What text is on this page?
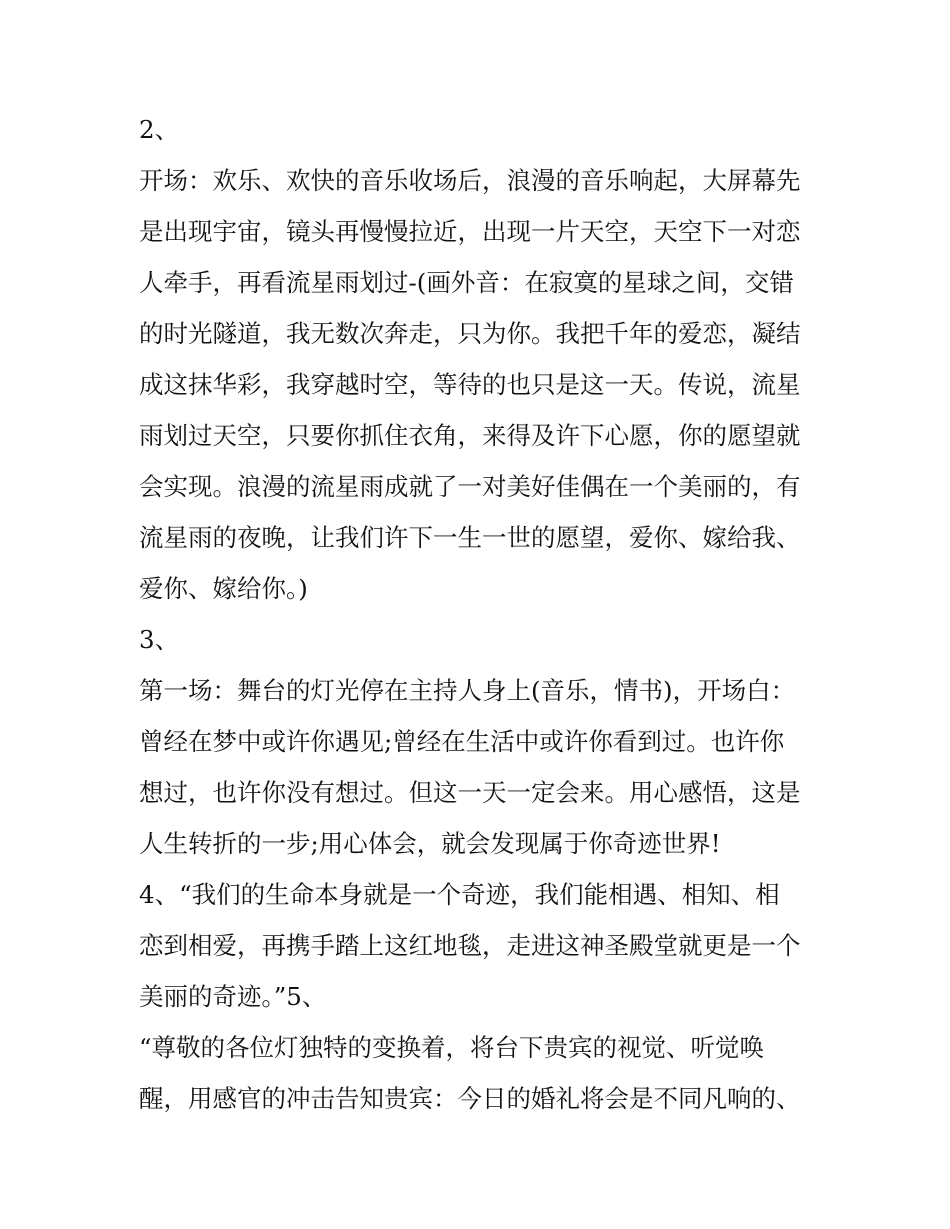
2、
开场：欢乐、欢快的音乐收场后，浪漫的音乐响起，大屏幕先
是出现宇宙，镜头再慢慢拉近，出现一片天空，天空下一对恋
人牵手，再看流星雨划过-(画外音：在寂寞的星球之间，交错
的时光隧道，我无数次奔走，只为你。我把千年的爱恋，凝结
成这抹华彩，我穿越时空，等待的也只是这一天。传说，流星
雨划过天空，只要你抓住衣角，来得及许下心愿，你的愿望就
会实现。浪漫的流星雨成就了一对美好佳偶在一个美丽的，有
流星雨的夜晚，让我们许下一生一世的愿望，爱你、嫁给我、
爱你、嫁给你。)
3、
第一场：舞台的灯光停在主持人身上(音乐，情书)，开场白：
曾经在梦中或许你遇见;曾经在生活中或许你看到过。也许你
想过，也许你没有想过。但这一天一定会来。用心感悟，这是
人生转折的一步;用心体会，就会发现属于你奇迹世界!
4、“我们的生命本身就是一个奇迹，我们能相遇、相知、相
恋到相爱，再携手踏上这红地毯，走进这神圣殿堂就更是一个
美丽的奇迹。”5、
“尊敬的各位灯独特的变换着，将台下贵宾的视觉、听觉唤
醒，用感官的冲击告知贵宾：今日的婚礼将会是不同凡响的、
